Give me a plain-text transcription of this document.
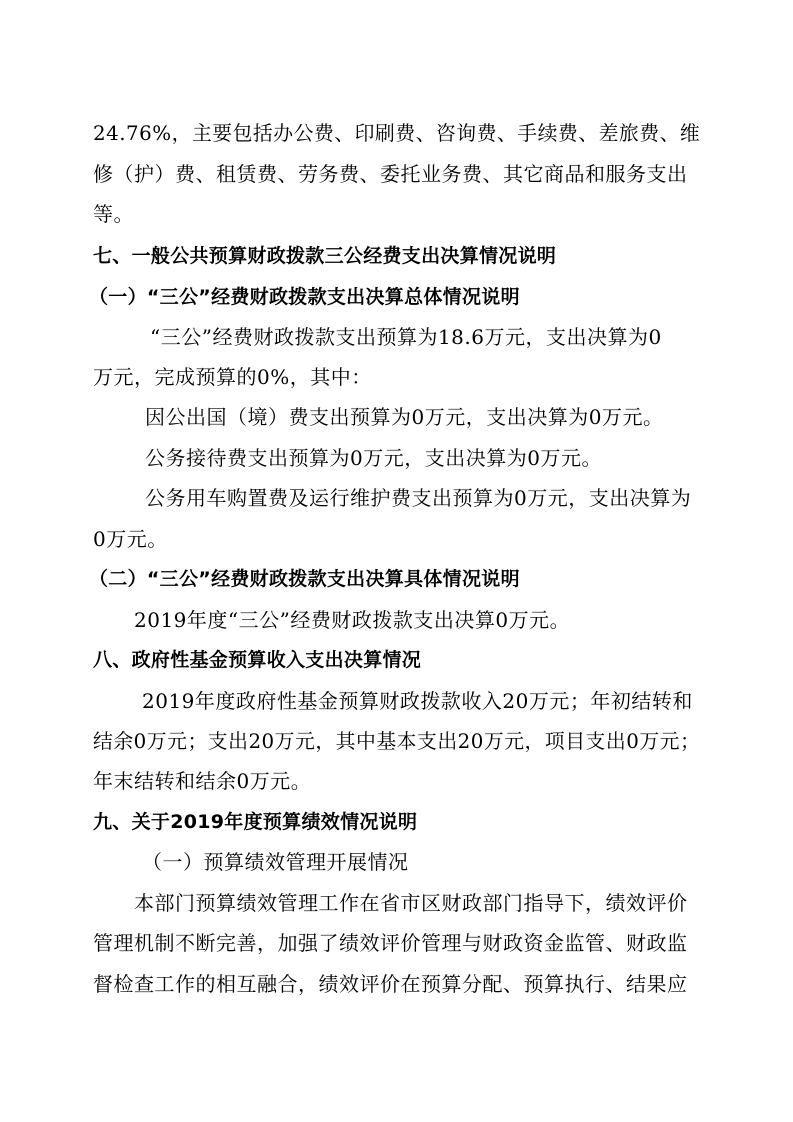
24.76%，主要包括办公费、印刷费、咨询费、手续费、差旅费、维
修（护）费、租赁费、劳务费、委托业务费、其它商品和服务支出
等。
七、一般公共预算财政拨款三公经费支出决算情况说明
（一）“三公”经费财政拨款支出决算总体情况说明
“三公”经费财政拨款支出预算为18.6万元，支出决算为0
万元，完成预算的0%，其中：
因公出国（境）费支出预算为0万元，支出决算为0万元。
公务接待费支出预算为0万元，支出决算为0万元。
公务用车购置费及运行维护费支出预算为0万元，支出决算为
0万元。
（二）“三公”经费财政拨款支出决算具体情况说明
2019年度“三公”经费财政拨款支出决算0万元。
八、政府性基金预算收入支出决算情况
2019年度政府性基金预算财政拨款收入20万元；年初结转和
结余0万元；支出20万元，其中基本支出20万元，项目支出0万元；
年末结转和结余0万元。
九、关于2019年度预算绩效情况说明
（一）预算绩效管理开展情况
本部门预算绩效管理工作在省市区财政部门指导下，绩效评价
管理机制不断完善，加强了绩效评价管理与财政资金监管、财政监
督检查工作的相互融合，绩效评价在预算分配、预算执行、结果应
